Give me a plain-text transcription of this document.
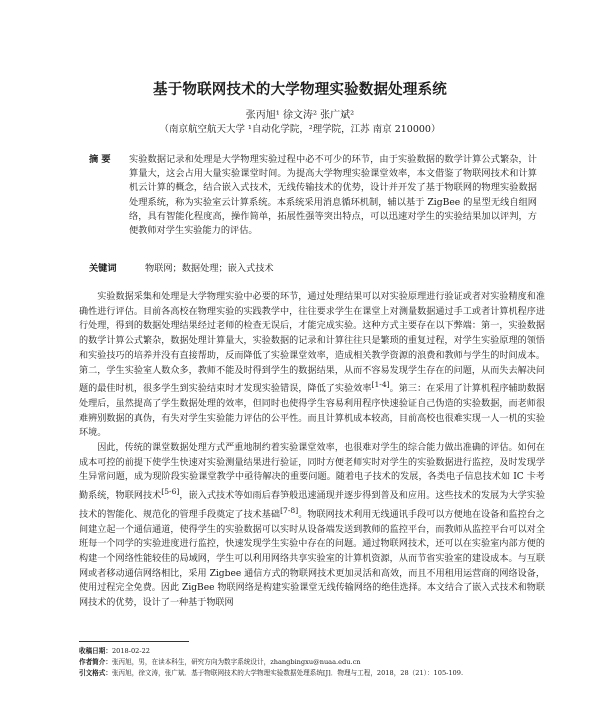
基于物联网技术的大学物理实验数据处理系统
张丙旭¹ 徐文涛² 张广斌²
（南京航空航天大学 ¹自动化学院，²理学院，江苏 南京 210000）
摘 要 实验数据记录和处理是大学物理实验过程中必不可少的环节，由于实验数据的数学计算公式繁杂，计算量大，这会占用大量实验课堂时间。为提高大学物理实验课堂效率，本文借鉴了物联网技术和计算机云计算的概念，结合嵌入式技术，无线传输技术的优势，设计并开发了基于物联网的物理实验数据处理系统，称为实验室云计算系统。本系统采用消息循环机制，辅以基于 ZigBee 的星型无线自组网络，具有智能化程度高，操作简单，拓展性强等突出特点，可以迅速对学生的实验结果加以评判，方便教师对学生实验能力的评估。
关键词	物联网；数据处理；嵌入式技术

实验数据采集和处理是大学物理实验中必要的环节，通过处理结果可以对实验原理进行验证或者对实验精度和准确性进行评估。目前各高校在物理实验的实践教学中，往往要求学生在课堂上对测量数据通过手工或者计算机程序进行处理，得到的数据处理结果经过老师的检查无误后，才能完成实验。这种方式主要存在以下弊端：第一，实验数据的数学计算公式繁杂，数据处理计算量大，实验数据的记录和计算往往只是繁琐的重复过程，对学生实验原理的领悟和实验技巧的培养并没有直接帮助，反而降低了实验课堂效率，造成相关教学资源的浪费和教师与学生的时间成本。第二，学生实验室人数众多，教师不能及时得到学生的数据结果，从而不容易发现学生存在的问题，从而失去解决问题的最佳时机，很多学生到实验结束时才发现实验错误，降低了实验效率[1-4]。第三：在采用了计算机程序辅助数据处理后，虽然提高了学生数据处理的效率，但同时也使得学生容易利用程序快速验证自己伪造的实验数据，而老师很难辨别数据的真伪，有失对学生实验能力评估的公平性。而且计算机成本较高，目前高校也很难实现一人一机的实验环境。

因此，传统的课堂数据处理方式严重地制约着实验课堂效率，也很难对学生的综合能力做出准确的评估。如何在成本可控的前提下使学生快速对实验测量结果进行验证，同时方便老师实时对学生的实验数据进行监控，及时发现学生异常问题，成为现阶段实验课堂教学中亟待解决的重要问题。随着电子技术的发展，各类电子信息技术如 IC 卡考勤系统，物联网技术[5-6]，嵌入式技术等如雨后春笋般迅速涌现并逐步得到普及和应用。这些技术的发展为大学实验技术的智能化、规范化的管理手段奠定了技术基础[7-8]。物联网技术利用无线通讯手段可以方便地在设备和监控台之间建立起一个通信通道，使得学生的实验数据可以实时从设备端发送到教师的监控平台，而教师从监控平台可以对全班每一个同学的实验进度进行监控，快速发现学生实验中存在的问题。通过物联网技术，还可以在实验室内部方便的构建一个网络性能较佳的局域网，学生可以利用网络共享实验室的计算机资源，从而节省实验室的建设成本。与互联网或者移动通信网络相比，采用 Zigbee 通信方式的物联网技术更加灵活和高效，而且不用租用运营商的网络设备，使用过程完全免费。因此 ZigBee 物联网络是构建实验课堂无线传输网络的绝佳选择。本文结合了嵌入式技术和物联网技术的优势，设计了一种基于物联网

收稿日期：2018-02-22
作者简介：张丙旭，男，在读本科生，研究方向为数字系统设计，zhangbingxu@nuaa.edu.cn
引文格式：张丙旭，徐文涛，张广斌．基于物联网技术的大学物理实验数据处理系统[J]．物理与工程，2018，28（21）：105-109.
